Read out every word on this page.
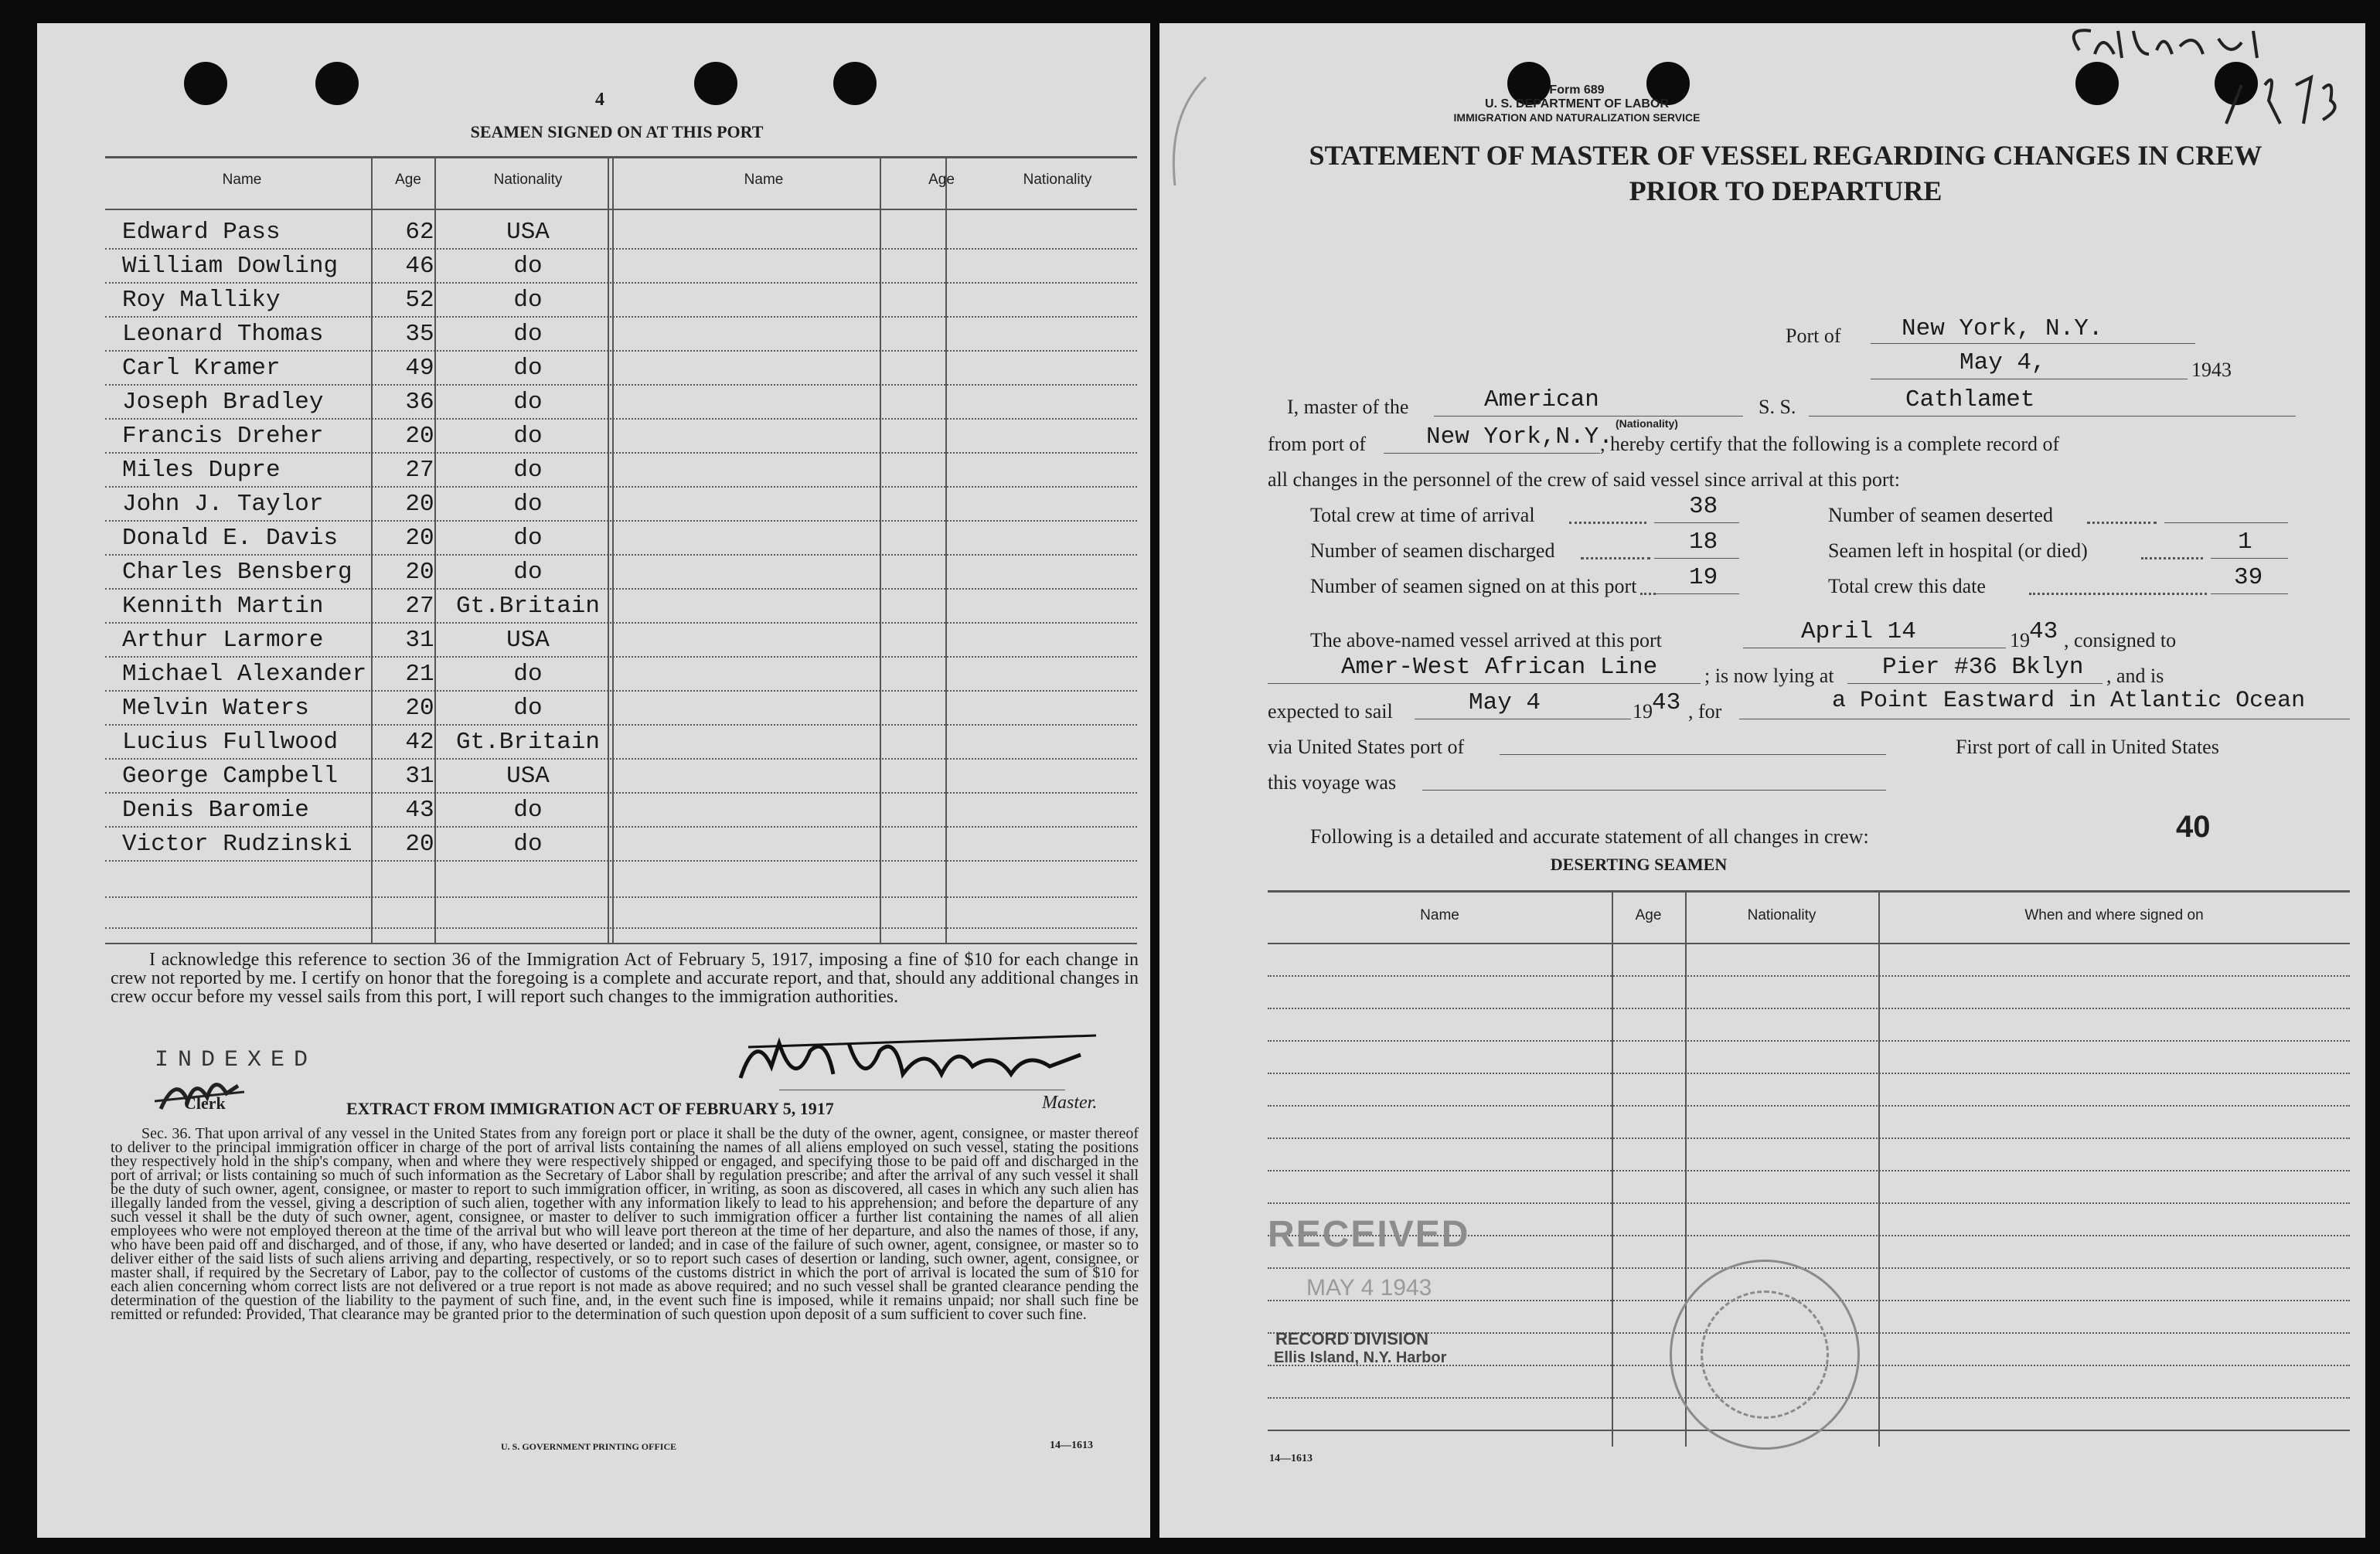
4
SEAMEN SIGNED ON AT THIS PORT
Name	Age	Nationality	Name	Age	Nationality
Edward Pass	62	USA
William Dowling	46	do
Roy Malliky	52	do
Leonard Thomas	35	do
Carl Kramer	49	do
Joseph Bradley	36	do
Francis Dreher	20	do
Miles Dupre	27	do
John J. Taylor	20	do
Donald E. Davis	20	do
Charles Bensberg	20	do
Kennith Martin	27 Gt.Britain
Arthur Larmore	31	USA
Michael Alexander	21	do
Melvin Waters	20	do
Lucius Fullwood	42 Gt.Britain
George Campbell	31	USA
Denis Baromie	43	do
Victor Rudzinski	20	do
I acknowledge this reference to section 36 of the Immigration Act of February 5, 1917, imposing a fine of $10 for each change in crew not reported by me. I certify on honor that the foregoing is a complete and accurate report, and that, should any additional changes in crew occur before my vessel sails from this port, I will report such changes to the immigration authorities.
INDEXED
Clerk	Master.
EXTRACT FROM IMMIGRATION ACT OF FEBRUARY 5, 1917
Sec. 36. That upon arrival of any vessel in the United States from any foreign port or place it shall be the duty of the owner, agent, consignee, or master thereof to deliver to the principal immigration officer in charge of the port of arrival lists containing the names of all aliens employed on such vessel, stating the positions they respectively hold in the ship's company, when and where they were respectively shipped or engaged, and specifying those to be paid off and discharged in the port of arrival; or lists containing so much of such information as the Secretary of Labor shall by regulation prescribe; and after the arrival of any such vessel it shall be the duty of such owner, agent, consignee, or master to report to such immigration officer, in writing, as soon as discovered, all cases in which any such alien has illegally landed from the vessel, giving a description of such alien, together with any information likely to lead to his apprehension; and before the departure of any such vessel it shall be the duty of such owner, agent, consignee, or master to deliver to such immigration officer a further list containing the names of all alien employees who were not employed thereon at the time of the arrival but who will leave port thereon at the time of her departure, and also the names of those, if any, who have been paid off and discharged, and of those, if any, who have deserted or landed; and in case of the failure of such owner, agent, consignee, or master so to deliver either of the said lists of such aliens arriving and departing, respectively, or so to report such cases of desertion or landing, such owner, agent, consignee, or master shall, if required by the Secretary of Labor, pay to the collector of customs of the customs district in which the port of arrival is located the sum of $10 for each alien concerning whom correct lists are not delivered or a true report is not made as above required; and no such vessel shall be granted clearance pending the determination of the question of the liability to the payment of such fine, and, in the event such fine is imposed, while it remains unpaid; nor shall such fine be remitted or refunded: Provided, That clearance may be granted prior to the determination of such question upon deposit of a sum sufficient to cover such fine.
U. S. GOVERNMENT PRINTING OFFICE	14—1613
Form 689
U. S. DEPARTMENT OF LABOR
IMMIGRATION AND NATURALIZATION SERVICE
STATEMENT OF MASTER OF VESSEL REGARDING CHANGES IN CREW
PRIOR TO DEPARTURE
Port of	New York, N.Y.
May 4,	1943
I, master of the	American
(Nationality)
S. S.	Cathlamet
from port of	New York,N.Y.
, hereby certify that the following is a complete record of
all changes in the personnel of the crew of said vessel since arrival at this port:
Total crew at time of arrival	38	Number of seamen deserted
Number of seamen discharged	18	Seamen left in hospital (or died)	1
Number of seamen signed on at this port 19	Total crew this date	39
The above-named vessel arrived at this port	April 14	19 43 , consigned to
Amer-West African Line ; is now lying at Pier #36 Bklyn , and is
expected to sail	May 4	19 43 , for	a Point Eastward in Atlantic Ocean
via United States port of	First port of call in United States
this voyage was
Following is a detailed and accurate statement of all changes in crew:	40
DESERTING SEAMEN
Name	Age	Nationality	When and where signed on
RECEIVED
MAY 4 1943
RECORD DIVISION
Ellis Island, N.Y. Harbor
14—1613
